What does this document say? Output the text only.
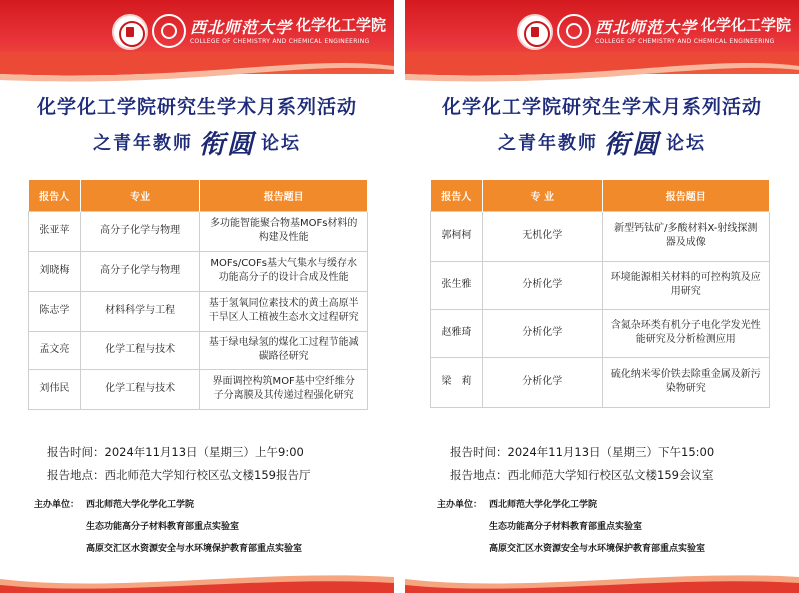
西北师范大学 化学化工学院
COLLEGE OF CHEMISTRY AND CHEMICAL ENGINEERING
化学化工学院研究生学术月系列活动
之青年教师 衔圆 论坛
报告人	专业	报告题目
张亚苹	高分子化学与物理	多功能智能聚合物基MOFs材料的构建及性能
刘晓梅	高分子化学与物理	MOFs/COFs基大气集水与缓存水功能高分子的设计合成及性能
陈志学	材料科学与工程	基于氢氧同位素技术的黄土高原半干旱区人工植被生态水文过程研究
孟文亮	化学工程与技术	基于绿电绿氢的煤化工过程节能减碳路径研究
刘伟民	化学工程与技术	界面调控构筑MOF基中空纤维分子分离膜及其传递过程强化研究
报告时间：2024年11月13日（星期三）上午9:00
报告地点：西北师范大学知行校区弘文楼159报告厅
主办单位： 西北师范大学化学化工学院
生态功能高分子材料教育部重点实验室
高原交汇区水资源安全与水环境保护教育部重点实验室
西北师范大学 化学化工学院
COLLEGE OF CHEMISTRY AND CHEMICAL ENGINEERING
化学化工学院研究生学术月系列活动
之青年教师 衔圆 论坛
报告人	专 业	报告题目
郭柯柯	无机化学	新型钙钛矿/多酸材料X-射线探测器及成像
张生雅	分析化学	环境能源相关材料的可控构筑及应用研究
赵雅琦	分析化学	含氮杂环类有机分子电化学发光性能研究及分析检测应用
梁　莉	分析化学	硫化纳米零价铁去除重金属及新污染物研究
报告时间：2024年11月13日（星期三）下午15:00
报告地点：西北师范大学知行校区弘文楼159会议室
主办单位： 西北师范大学化学化工学院
生态功能高分子材料教育部重点实验室
高原交汇区水资源安全与水环境保护教育部重点实验室
